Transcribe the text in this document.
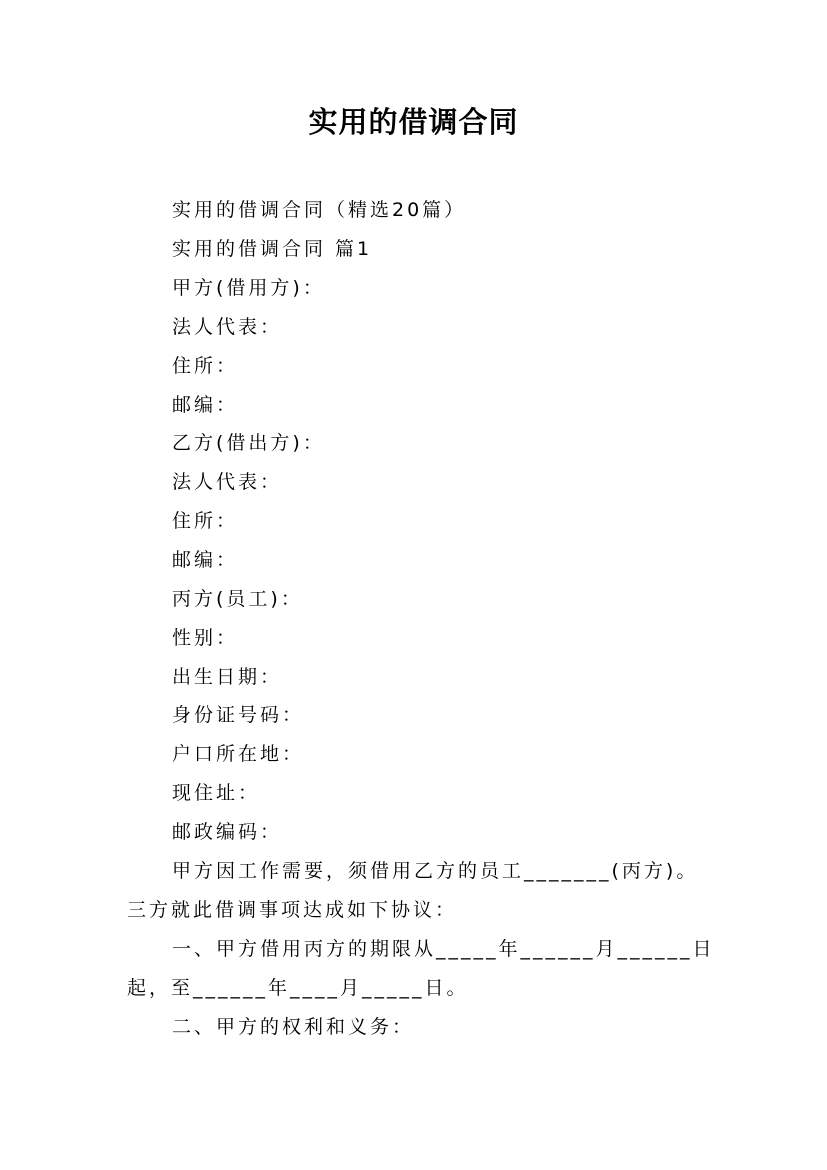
实用的借调合同

实用的借调合同（精选20篇）

实用的借调合同 篇1

甲方(借用方)：

法人代表：

住所：

邮编：

乙方(借出方)：

法人代表：

住所：

邮编：

丙方(员工)：

性别：

出生日期：

身份证号码：

户口所在地：

现住址：

邮政编码：

甲方因工作需要，须借用乙方的员工_______(丙方)。

三方就此借调事项达成如下协议：

一、甲方借用丙方的期限从_____年______月______日

起，至______年____月_____日。

二、甲方的权利和义务：
